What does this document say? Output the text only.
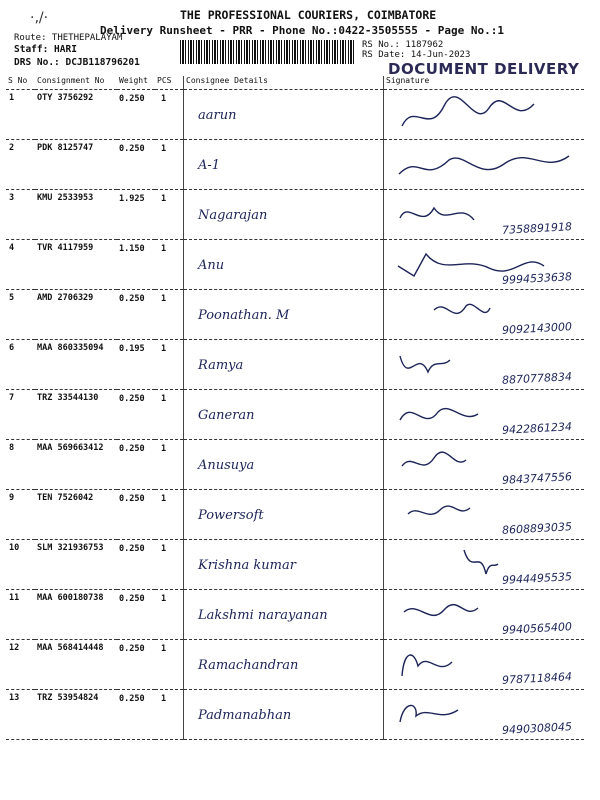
·‚/·	THE PROFESSIONAL COURIERS, COIMBATORE
Delivery Runsheet - PRR - Phone No.:0422-3505555 - Page No.:1
Route: THETHEPALAYAM
Staff: HARI
DRS No.: DCJB118796201
RS No.: 1187962
RS Date: 14-Jun-2023
DOCUMENT DELIVERY
S No	Consignment No	Weight	PCS	Consignee Details	Signature
1	OTY 3756292	0.250	1	aarun	

2	PDK 8125747	0.250	1	A-1	

3	KMU 2533953	1.925	1	Nagarajan	7358891918

4	TVR 4117959	1.150	1	Anu	9994533638

5	AMD 2706329	0.250	1	Poonathan. M	9092143000

6	MAA 860335094	0.195	1	Ramya	8870778834

7	TRZ 33544130	0.250	1	Ganeran	9422861234

8	MAA 569663412	0.250	1	Anusuya	9843747556

9	TEN 7526042	0.250	1	Powersoft	8608893035

10	SLM 321936753	0.250	1	Krishna kumar	9944495535

11	MAA 600180738	0.250	1	Lakshmi narayanan	9940565400

12	MAA 568414448	0.250	1	Ramachandran	9787118464

13	TRZ 53954824	0.250	1	Padmanabhan	9490308045
